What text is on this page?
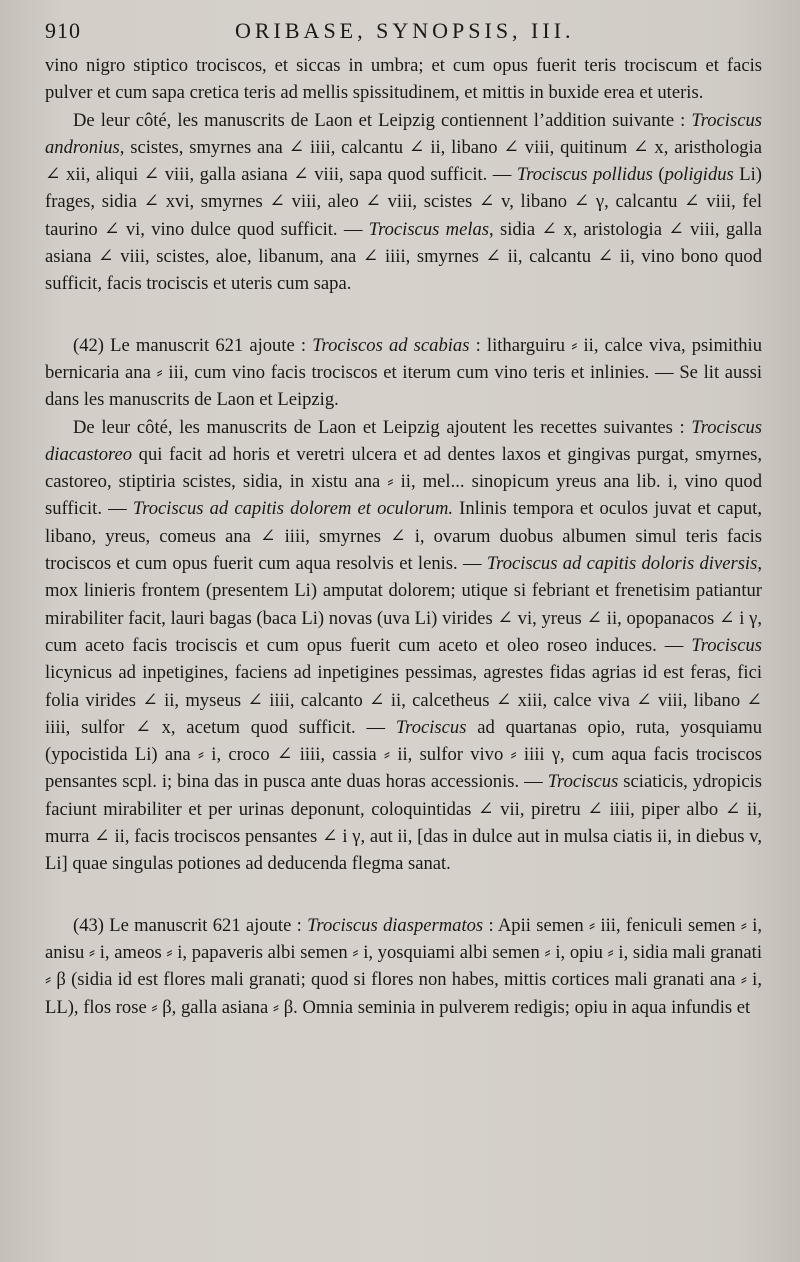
910	ORIBASE, SYNOPSIS, III.

vino nigro stiptico trociscos, et siccas in umbra; et cum opus fuerit teris trociscum et facis pulver et cum sapa cretica teris ad mellis spissitudinem, et mittis in buxide erea et uteris.

De leur côté, les manuscrits de Laon et Leipzig contiennent l’addition suivante : Trociscus andronius, scistes, smyrnes ana ∠ iiii, calcantu ∠ ii, libano ∠ viii, quitinum ∠ x, aristhologia ∠ xii, aliqui ∠ viii, galla asiana ∠ viii, sapa quod sufficit. — Trociscus pollidus (poligidus Li) frages, sidia ∠ xvi, smyrnes ∠ viii, aleo ∠ viii, scistes ∠ v, libano ∠ γ, calcantu ∠ viii, fel taurino ∠ vi, vino dulce quod sufficit. — Trociscus melas, sidia ∠ x, aristologia ∠ viii, galla asiana ∠ viii, scistes, aloe, libanum, ana ∠ iiii, smyrnes ∠ ii, calcantu ∠ ii, vino bono quod sufficit, facis trociscis et uteris cum sapa.

(42) Le manuscrit 621 ajoute : Trociscos ad scabias : litharguiru ⸗ ii, calce viva, psimithiu bernicaria ana ⸗ iii, cum vino facis trociscos et iterum cum vino teris et inlinies. — Se lit aussi dans les manuscrits de Laon et Leipzig.

De leur côté, les manuscrits de Laon et Leipzig ajoutent les recettes suivantes : Trociscus diacastoreo qui facit ad horis et veretri ulcera et ad dentes laxos et gingivas purgat, smyrnes, castoreo, stiptiria scistes, sidia, in xistu ana ⸗ ii, mel... sinopicum yreus ana lib. i, vino quod sufficit. — Trociscus ad capitis dolorem et oculorum. Inlinis tempora et oculos juvat et caput, libano, yreus, comeus ana ∠ iiii, smyrnes ∠ i, ovarum duobus albumen simul teris facis trociscos et cum opus fuerit cum aqua resolvis et lenis. — Trociscus ad capitis doloris diversis, mox linieris frontem (presentem Li) amputat dolorem; utique si febriant et frenetisim patiantur mirabiliter facit, lauri bagas (baca Li) novas (uva Li) virides ∠ vi, yreus ∠ ii, opopanacos ∠ i γ, cum aceto facis trociscis et cum opus fuerit cum aceto et oleo roseo induces. — Trociscus licynicus ad inpetigines, faciens ad inpetigines pessimas, agrestes fidas agrias id est feras, fici folia virides ∠ ii, myseus ∠ iiii, calcanto ∠ ii, calcetheus ∠ xiii, calce viva ∠ viii, libano ∠ iiii, sulfor ∠ x, acetum quod sufficit. — Trociscus ad quartanas opio, ruta, yosquiamu (ypocistida Li) ana ⸗ i, croco ∠ iiii, cassia ⸗ ii, sulfor vivo ⸗ iiii γ, cum aqua facis trociscos pensantes scpl. i; bina das in pusca ante duas horas accessionis. — Trociscus sciaticis, ydropicis faciunt mirabiliter et per urinas deponunt, coloquintidas ∠ vii, piretru ∠ iiii, piper albo ∠ ii, murra ∠ ii, facis trociscos pensantes ∠ i γ, aut ii, [das in dulce aut in mulsa ciatis ii, in diebus v, Li] quae singulas potiones ad deducenda flegma sanat.

(43) Le manuscrit 621 ajoute : Trociscus diaspermatos : Apii semen ⸗ iii, feniculi semen ⸗ i, anisu ⸗ i, ameos ⸗ i, papaveris albi semen ⸗ i, yosquiami albi semen ⸗ i, opiu ⸗ i, sidia mali granati ⸗ β (sidia id est flores mali granati; quod si flores non habes, mittis cortices mali granati ana ⸗ i, LL), flos rose ⸗ β, galla asiana ⸗ β. Omnia seminia in pulverem redigis; opiu in aqua infundis et
